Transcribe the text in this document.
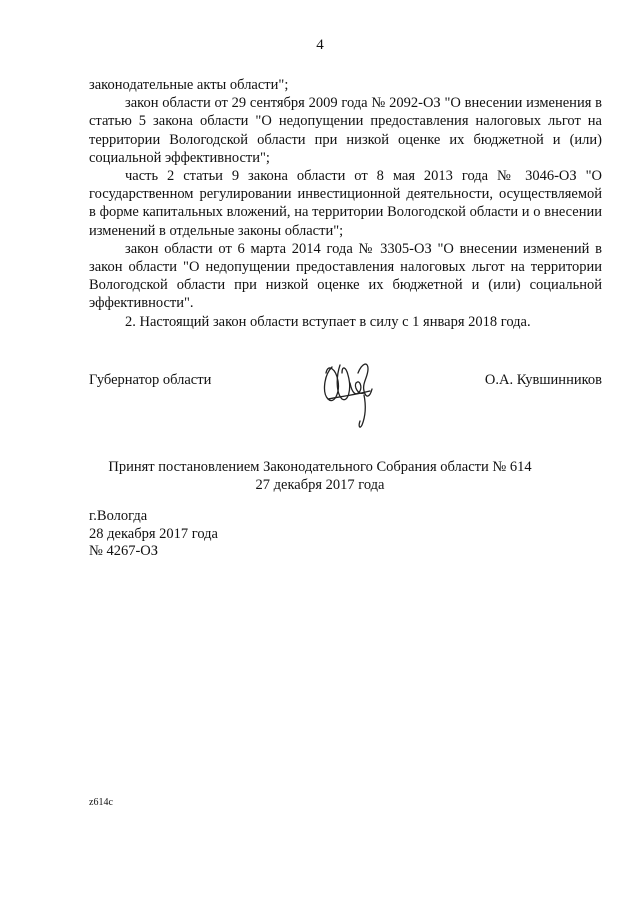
4

законодательные акты области";

закон области от 29 сентября 2009 года № 2092-ОЗ "О внесении изменения в статью 5 закона области "О недопущении предоставления налоговых льгот на территории Вологодской области при низкой оценке их бюджетной и (или) социальной эффективности";

часть 2 статьи 9 закона области от 8 мая 2013 года № 3046-ОЗ "О государственном регулировании инвестиционной деятельности, осуществляемой в форме капитальных вложений, на территории Вологодской области и о внесении изменений в отдельные законы области";

закон области от 6 марта 2014 года № 3305-ОЗ "О внесении изменений в закон области "О недопущении предоставления налоговых льгот на территории Вологодской области при низкой оценке их бюджетной и (или) социальной эффективности".

2. Настоящий закон области вступает в силу с 1 января 2018 года.

Губернатор области	О.А. Кувшинников
Принят постановлением Законодательного Собрания области № 614
27 декабря 2017 года
г.Вологда
28 декабря 2017 года
№ 4267-ОЗ
z614c
